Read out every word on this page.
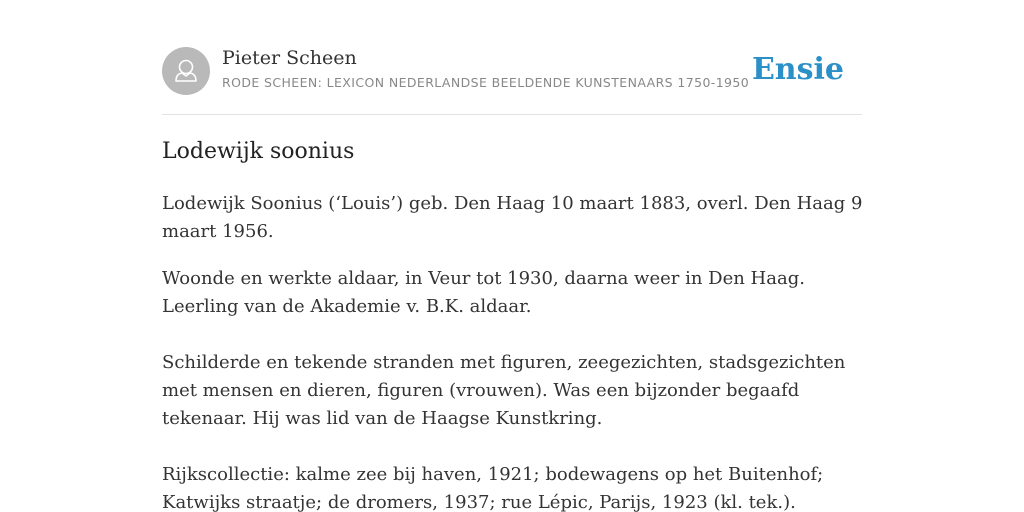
Pieter Scheen
RODE SCHEEN: LEXICON NEDERLANDSE BEELDENDE KUNSTENAARS 1750-1950 Ensie
Lodewijk soonius

Lodewijk Soonius (‘Louis’) geb. Den Haag 10 maart 1883, overl. Den Haag 9 maart 1956.

Woonde en werkte aldaar, in Veur tot 1930, daarna weer in Den Haag. Leerling van de Akademie v. B.K. aldaar.

Schilderde en tekende stranden met figuren, zeegezichten, stadsgezichten met mensen en dieren, figuren (vrouwen). Was een bijzonder begaafd tekenaar. Hij was lid van de Haagse Kunstkring.

Rijkscollectie: kalme zee bij haven, 1921; bodewagens op het Buitenhof; Katwijks straatje; de dromers, 1937; rue Lépic, Parijs, 1923 (kl. tek.).
